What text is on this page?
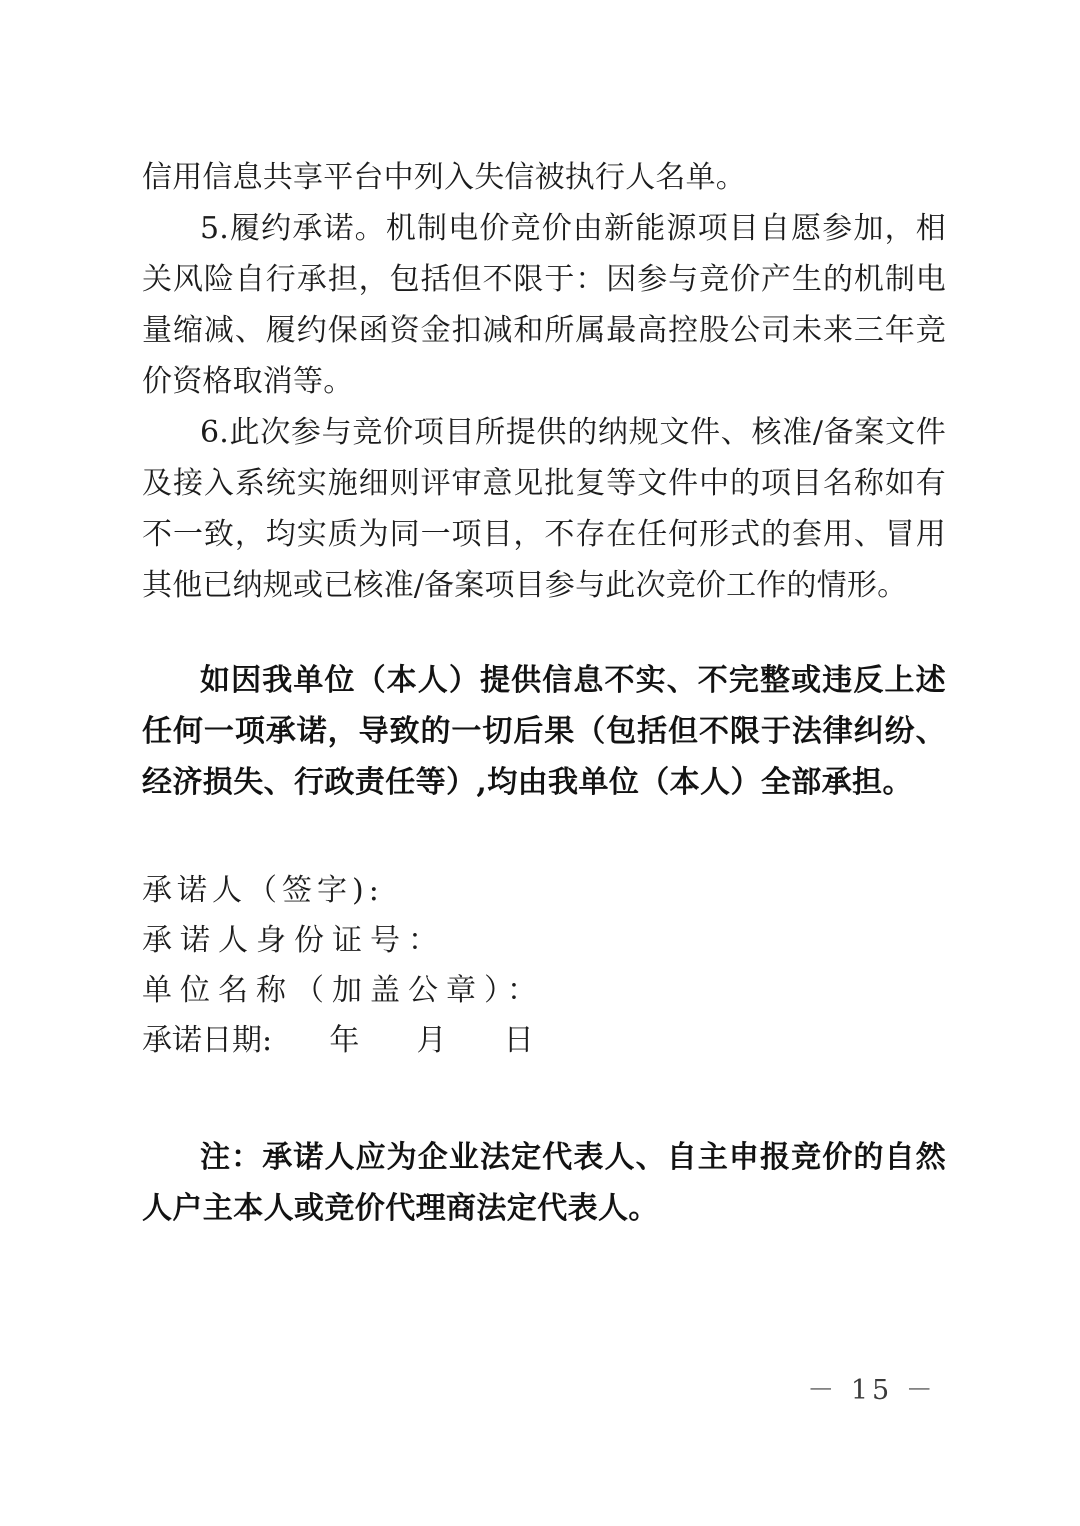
信用信息共享平台中列入失信被执行人名单。

5.履约承诺。机制电价竞价由新能源项目自愿参加，相关风险自行承担，包括但不限于：因参与竞价产生的机制电量缩减、履约保函资金扣减和所属最高控股公司未来三年竞价资格取消等。

6.此次参与竞价项目所提供的纳规文件、核准/备案文件及接入系统实施细则评审意见批复等文件中的项目名称如有不一致，均实质为同一项目，不存在任何形式的套用、冒用其他已纳规或已核准/备案项目参与此次竞价工作的情形。

如因我单位（本人）提供信息不实、不完整或违反上述任何一项承诺，导致的一切后果（包括但不限于法律纠纷、经济损失、行政责任等）,均由我单位（本人）全部承担。

承诺人（签字):

承诺人身份证号：

单位名称（加盖公章）：

承诺日期:      年      月      日

注：承诺人应为企业法定代表人、自主申报竞价的自然人户主本人或竞价代理商法定代表人。

－ 15 －
